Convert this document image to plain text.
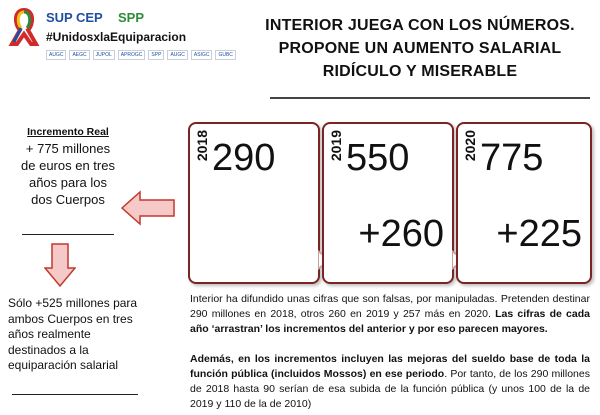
SUP CEP SPP
#UnidosxlaEquiparacion
AUGC	AEGC	JUPOL	APROGC	SPP	AUGC	ASIGC	GUBC
INTERIOR JUEGA CON LOS NÚMEROS.
PROPONE UN AUMENTO SALARIAL
RIDÍCULO Y MISERABLE
Incremento Real
+ 775 millones
de euros en tres
años para los
dos Cuerpos
Sólo +525 millones para
ambos Cuerpos en tres
años realmente
destinados a la
equiparación salarial
2018 290	2019 550
+260
2020 775
+225
Interior ha difundido unas cifras que son falsas, por manipuladas. Pretenden destinar 290 millones en 2018, otros 260 en 2019 y 257 más en 2020. Las cifras de cada año ‘arrastran’ los incrementos del anterior y por eso parecen mayores.
Además, en los incrementos incluyen las mejoras del sueldo base de toda la función pública (incluidos Mossos) en ese periodo. Por tanto, de los 290 millones de 2018 hasta 90 serían de esa subida de la función pública (y unos 100 de la de 2019 y 110 de la de 2010)
